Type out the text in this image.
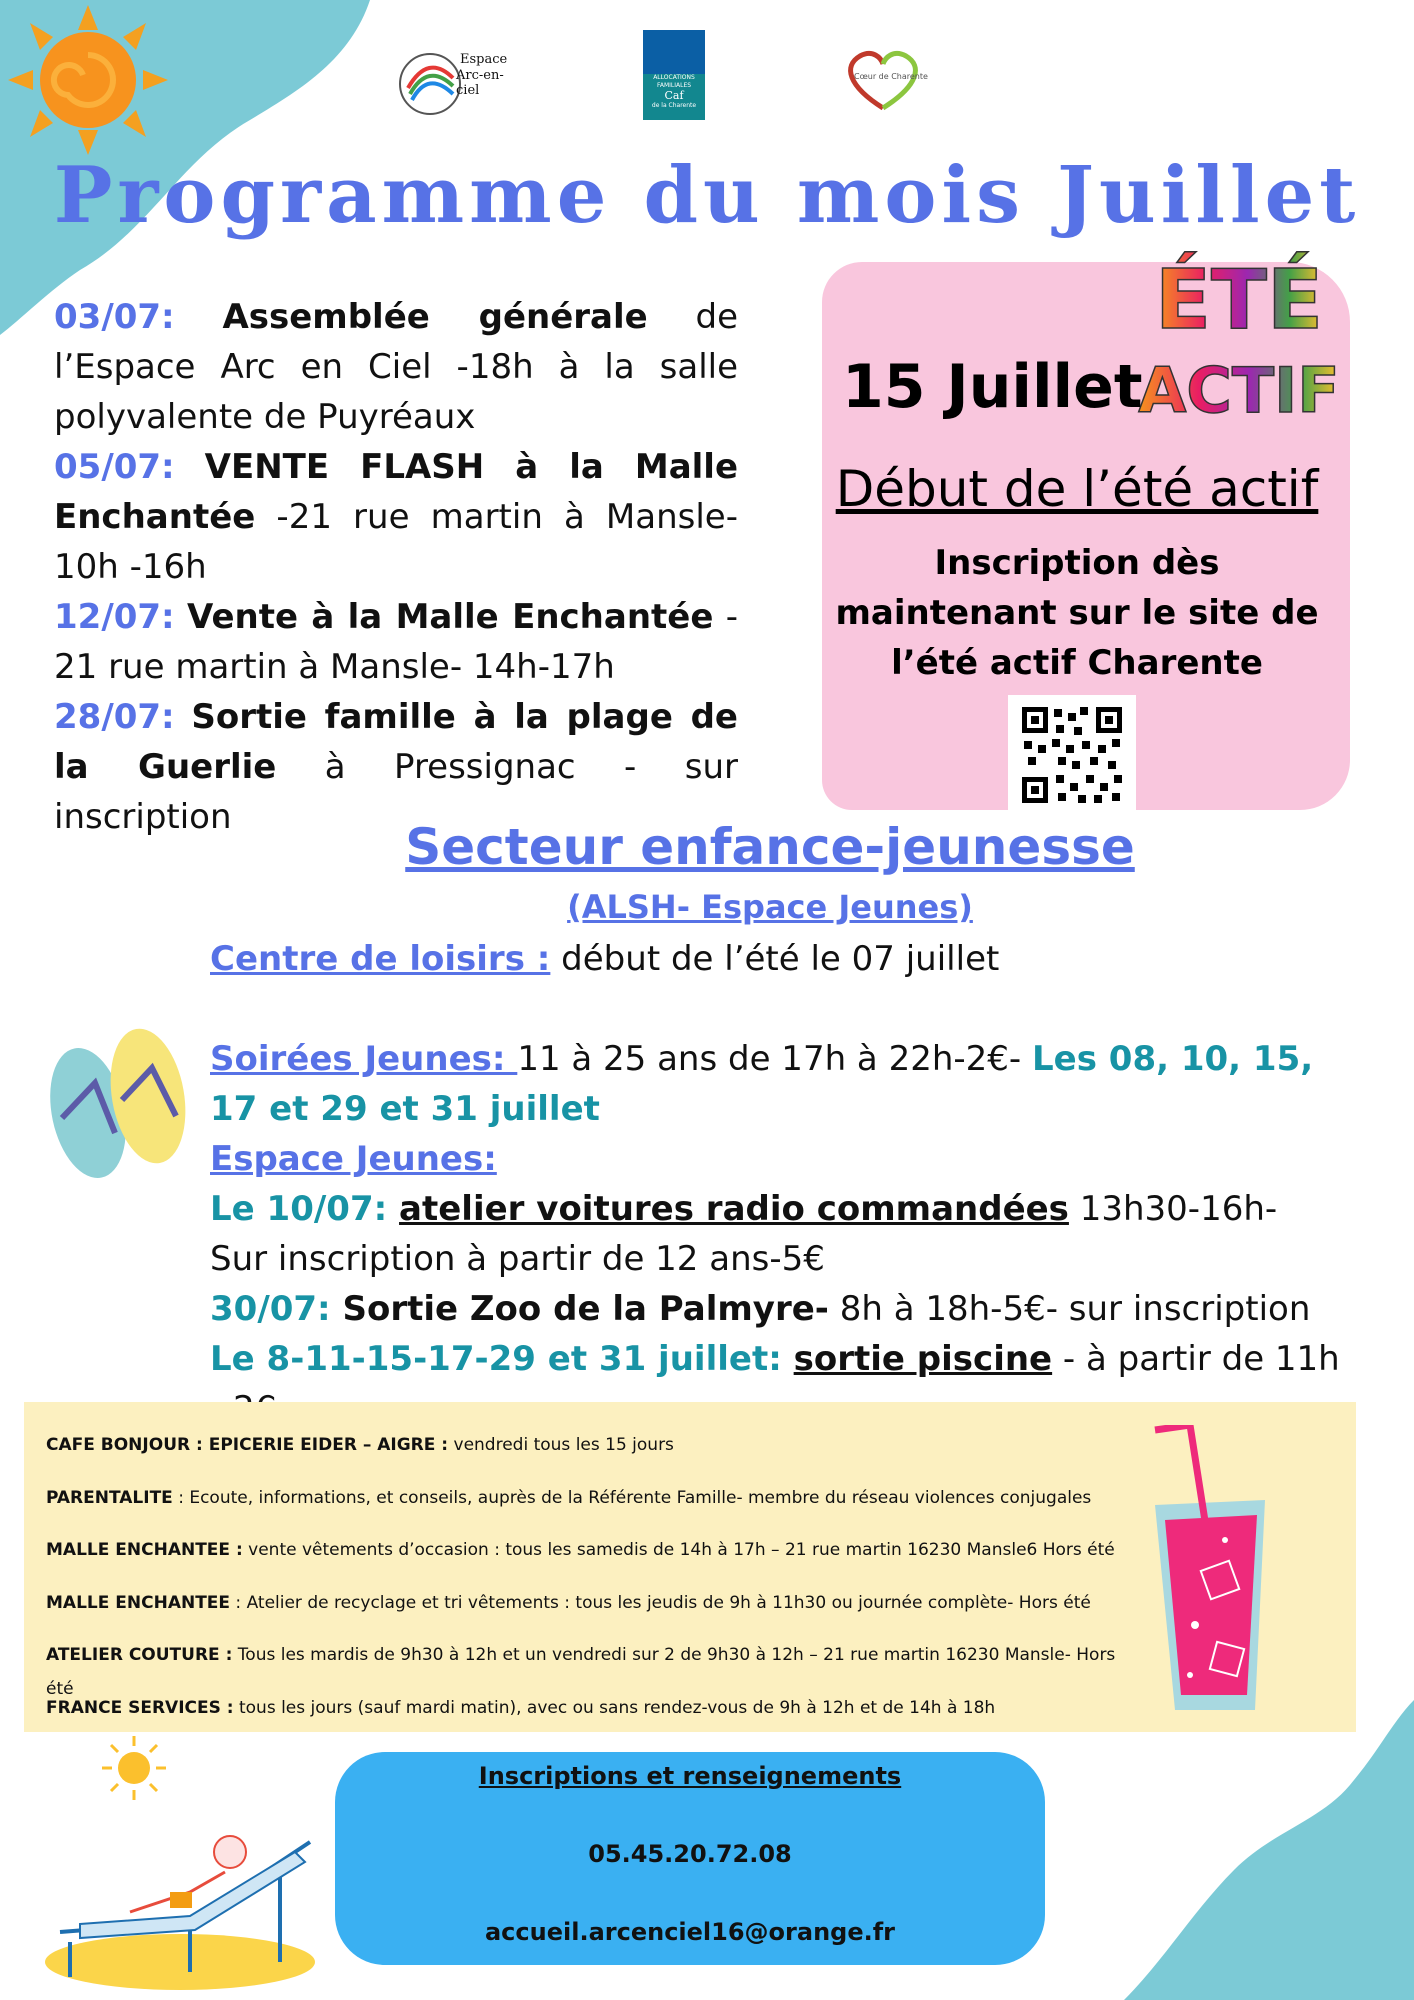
Espace
Arc-en-ciel
ALLOCATIONS
FAMILIALES
Caf
de la Charente
Cœur de Charente
Programme du mois Juillet

03/07: Assemblée générale de l’Espace Arc en Ciel -18h à la salle polyvalente de Puyréaux

05/07: VENTE FLASH à la Malle Enchantée -21 rue martin à Mansle-10h -16h

12/07: Vente à la Malle Enchantée - 21 rue martin à Mansle- 14h-17h

28/07: Sortie famille à la plage de la Guerlie à Pressignac - sur inscription

ÉTÉ
ACTIF
15 Juillet
Début de l’été actif
Inscription dès maintenant sur le site de l’été actif Charente
Secteur enfance-jeunesse
(ALSH- Espace Jeunes)

Centre de loisirs : début de l’été le 07 juillet

Soirées Jeunes: 11 à 25 ans de 17h à 22h-2€- Les 08, 10, 15, 17 et 29 et 31 juillet

Espace Jeunes:

Le 10/07: atelier voitures radio commandées 13h30-16h- Sur inscription à partir de 12 ans-5€

30/07: Sortie Zoo de la Palmyre- 8h à 18h-5€- sur inscription

Le 8-11-15-17-29 et 31 juillet: sortie piscine - à partir de 11h

CAFE BONJOUR : EPICERIE EIDER – AIGRE : vendredi tous les 15 jours

PARENTALITE : Ecoute, informations, et conseils, auprès de la Référente Famille- membre du réseau violences conjugales

MALLE ENCHANTEE : vente vêtements d’occasion : tous les samedis de 14h à 17h – 21 rue martin 16230 Mansle6 Hors été

MALLE ENCHANTEE : Atelier de recyclage et tri vêtements : tous les jeudis de 9h à 11h30 ou journée complète- Hors été

ATELIER COUTURE : Tous les mardis de 9h30 à 12h et un vendredi sur 2 de 9h30 à 12h – 21 rue martin 16230 Mansle- Hors été

FRANCE SERVICES : tous les jours (sauf mardi matin), avec ou sans rendez-vous de 9h à 12h et de 14h à 18h

Inscriptions et renseignements
05.45.20.72.08
accueil.arcenciel16@orange.fr
